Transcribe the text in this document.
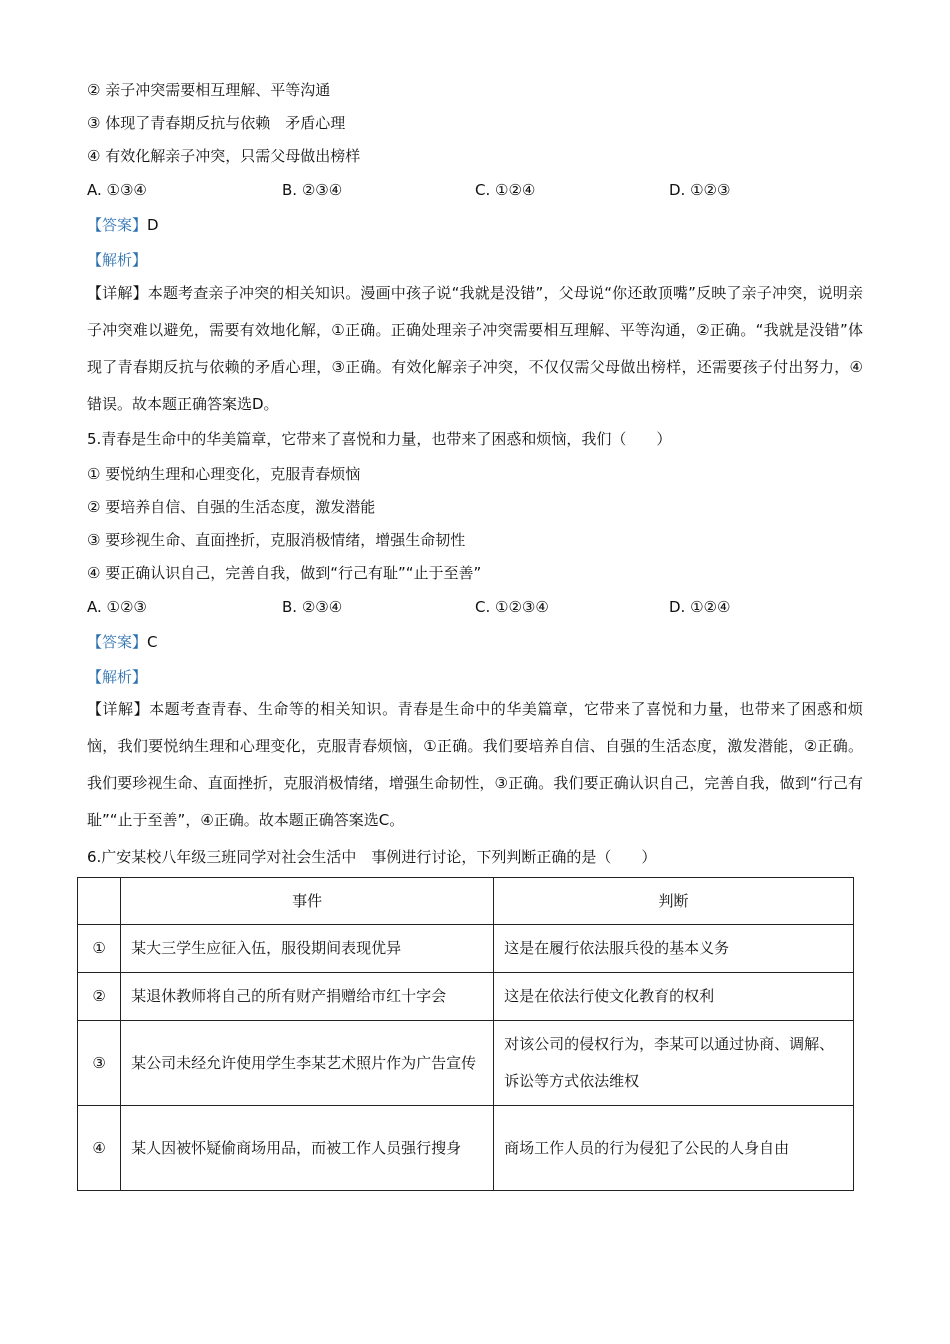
② 亲子冲突需要相互理解、平等沟通
③ 体现了青春期反抗与依赖　矛盾心理
④ 有效化解亲子冲突，只需父母做出榜样
A. ①③④	B. ②③④	C. ①②④	D. ①②③
【答案】D
【解析】
【详解】本题考查亲子冲突的相关知识。漫画中孩子说“我就是没错”，父母说“你还敢顶嘴”反映了亲子冲突，说明亲子冲突难以避免，需要有效地化解，①正确。正确处理亲子冲突需要相互理解、平等沟通，②正确。“我就是没错”体现了青春期反抗与依赖的矛盾心理，③正确。有效化解亲子冲突，不仅仅需父母做出榜样，还需要孩子付出努力，④错误。故本题正确答案选D。
5.青春是生命中的华美篇章，它带来了喜悦和力量，也带来了困惑和烦恼，我们（　　）
① 要悦纳生理和心理变化，克服青春烦恼
② 要培养自信、自强的生活态度，激发潜能
③ 要珍视生命、直面挫折，克服消极情绪，增强生命韧性
④ 要正确认识自己，完善自我，做到“行己有耻”“止于至善”
A. ①②③	B. ②③④	C. ①②③④	D. ①②④
【答案】C
【解析】
【详解】本题考查青春、生命等的相关知识。青春是生命中的华美篇章，它带来了喜悦和力量，也带来了困惑和烦恼，我们要悦纳生理和心理变化，克服青春烦恼，①正确。我们要培养自信、自强的生活态度，激发潜能，②正确。我们要珍视生命、直面挫折，克服消极情绪，增强生命韧性，③正确。我们要正确认识自己，完善自我，做到“行己有耻”“止于至善”，④正确。故本题正确答案选C。
6.广安某校八年级三班同学对社会生活中　事例进行讨论，下列判断正确的是（　　）
	事件	判断
①	某大三学生应征入伍，服役期间表现优异	这是在履行依法服兵役的基本义务
②	某退休教师将自己的所有财产捐赠给市红十字会	这是在依法行使文化教育的权利
③	某公司未经允许使用学生李某艺术照片作为广告宣传	对该公司的侵权行为，李某可以通过协商、调解、诉讼等方式依法维权
④	某人因被怀疑偷商场用品，而被工作人员强行搜身	商场工作人员的行为侵犯了公民的人身自由
